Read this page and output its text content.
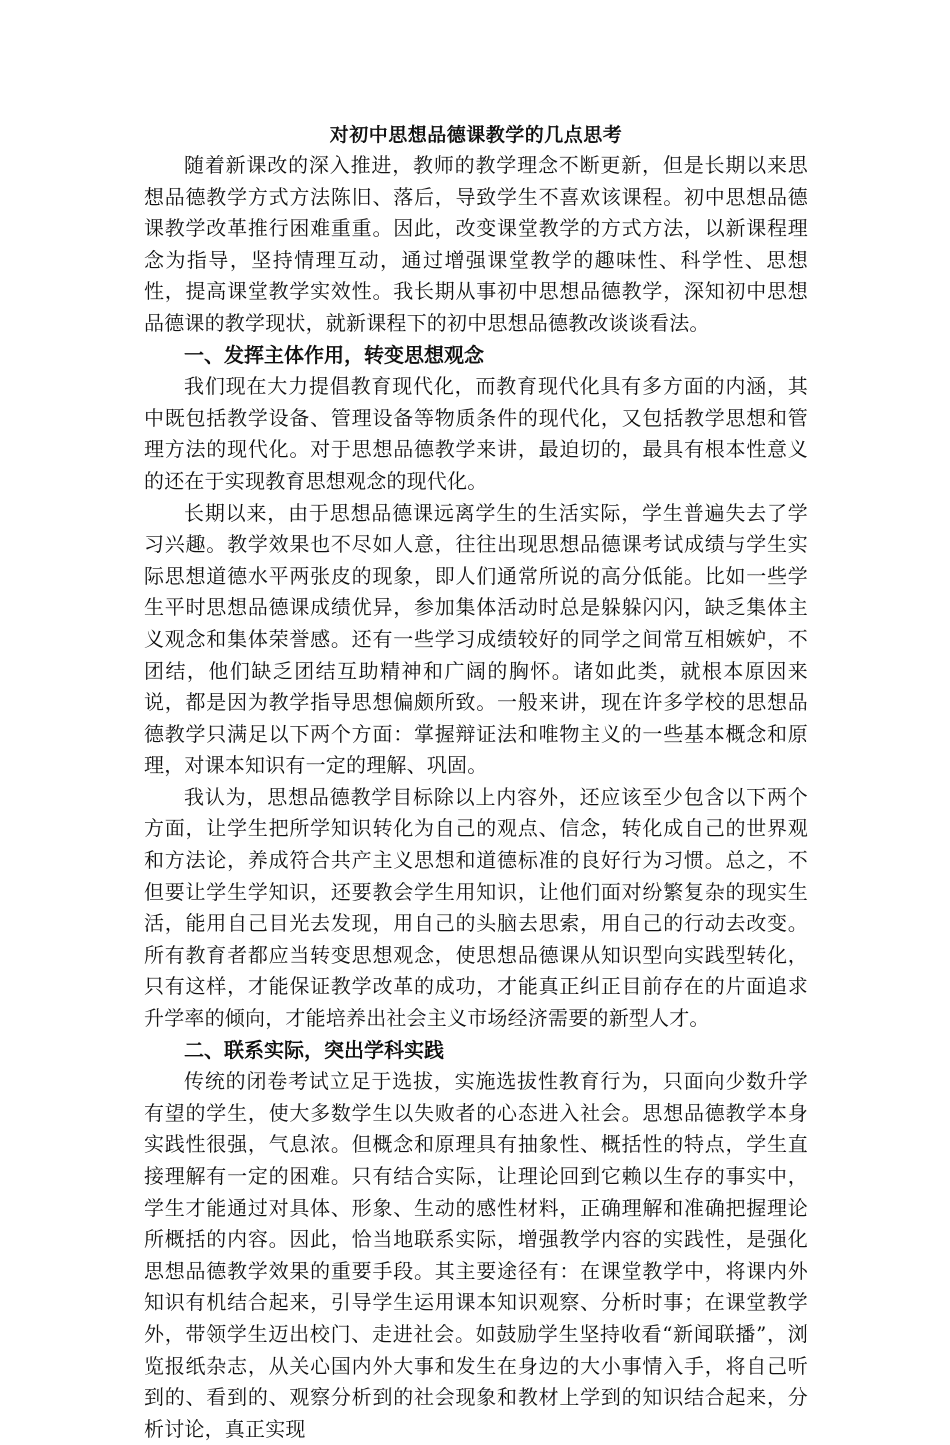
对初中思想品德课教学的几点思考

随着新课改的深入推进，教师的教学理念不断更新，但是长期以来思想品德教学方式方法陈旧、落后，导致学生不喜欢该课程。初中思想品德课教学改革推行困难重重。因此，改变课堂教学的方式方法，以新课程理念为指导，坚持情理互动，通过增强课堂教学的趣味性、科学性、思想性，提高课堂教学实效性。我长期从事初中思想品德教学，深知初中思想品德课的教学现状，就新课程下的初中思想品德教改谈谈看法。

一、发挥主体作用，转变思想观念

我们现在大力提倡教育现代化，而教育现代化具有多方面的内涵，其中既包括教学设备、管理设备等物质条件的现代化，又包括教学思想和管理方法的现代化。对于思想品德教学来讲，最迫切的，最具有根本性意义的还在于实现教育思想观念的现代化。

长期以来，由于思想品德课远离学生的生活实际，学生普遍失去了学习兴趣。教学效果也不尽如人意，往往出现思想品德课考试成绩与学生实际思想道德水平两张皮的现象，即人们通常所说的高分低能。比如一些学生平时思想品德课成绩优异，参加集体活动时总是躲躲闪闪，缺乏集体主义观念和集体荣誉感。还有一些学习成绩较好的同学之间常互相嫉妒，不团结，他们缺乏团结互助精神和广阔的胸怀。诸如此类，就根本原因来说，都是因为教学指导思想偏颇所致。一般来讲，现在许多学校的思想品德教学只满足以下两个方面：掌握辩证法和唯物主义的一些基本概念和原理，对课本知识有一定的理解、巩固。

我认为，思想品德教学目标除以上内容外，还应该至少包含以下两个方面，让学生把所学知识转化为自己的观点、信念，转化成自己的世界观和方法论，养成符合共产主义思想和道德标准的良好行为习惯。总之，不但要让学生学知识，还要教会学生用知识，让他们面对纷繁复杂的现实生活，能用自己目光去发现，用自己的头脑去思索，用自己的行动去改变。所有教育者都应当转变思想观念，使思想品德课从知识型向实践型转化，只有这样，才能保证教学改革的成功，才能真正纠正目前存在的片面追求升学率的倾向，才能培养出社会主义市场经济需要的新型人才。

二、联系实际，突出学科实践

传统的闭卷考试立足于选拔，实施选拔性教育行为，只面向少数升学有望的学生，使大多数学生以失败者的心态进入社会。思想品德教学本身实践性很强，气息浓。但概念和原理具有抽象性、概括性的特点，学生直接理解有一定的困难。只有结合实际，让理论回到它赖以生存的事实中，学生才能通过对具体、形象、生动的感性材料，正确理解和准确把握理论所概括的内容。因此，恰当地联系实际，增强教学内容的实践性，是强化思想品德教学效果的重要手段。其主要途径有：在课堂教学中，将课内外知识有机结合起来，引导学生运用课本知识观察、分析时事；在课堂教学外，带领学生迈出校门、走进社会。如鼓励学生坚持收看“新闻联播”，浏览报纸杂志，从关心国内外大事和发生在身边的大小事情入手，将自己听到的、看到的、观察分析到的社会现象和教材上学到的知识结合起来，分析讨论，真正实现
